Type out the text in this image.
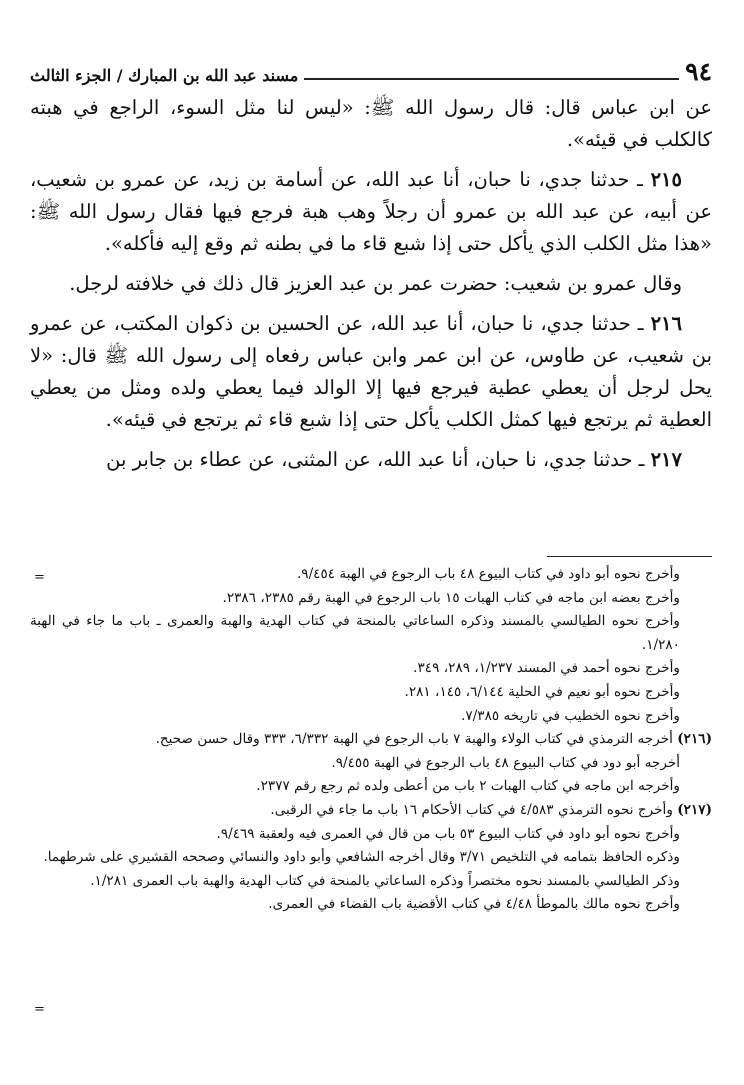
٩٤
مسند عبد الله بن المبارك / الجزء الثالث

عن ابن عباس قال: قال رسول الله ﷺ: «ليس لنا مثل السوء، الراجع في هبته كالكلب في قيئه».

٢١٥ ـ حدثنا جدي، نا حبان، أنا عبد الله، عن أسامة بن زيد، عن عمرو بن شعيب، عن أبيه، عن عبد الله بن عمرو أن رجلاً وهب هبة فرجع فيها فقال رسول الله ﷺ: «هذا مثل الكلب الذي يأكل حتى إذا شبع قاء ما في بطنه ثم وقع إليه فأكله».

وقال عمرو بن شعيب: حضرت عمر بن عبد العزيز قال ذلك في خلافته لرجل.

٢١٦ ـ حدثنا جدي، نا حبان، أنا عبد الله، عن الحسين بن ذكوان المكتب، عن عمرو بن شعيب، عن طاوس، عن ابن عمر وابن عباس رفعاه إلى رسول الله ﷺ قال: «لا يحل لرجل أن يعطي عطية فيرجع فيها إلا الوالد فيما يعطي ولده ومثل من يعطي العطية ثم يرتجع فيها كمثل الكلب يأكل حتى إذا شبع قاء ثم يرتجع في قيئه».

٢١٧ ـ حدثنا جدي، نا حبان، أنا عبد الله، عن المثنى، عن عطاء بن جابر بن

=
=

وأخرج نحوه أبو داود في كتاب البيوع ٤٨ باب الرجوع في الهبة ٩/٤٥٤.

وأخرج بعضه ابن ماجه في كتاب الهبات ١٥ باب الرجوع في الهبة رقم ٢٣٨٥، ٢٣٨٦.

وأخرج نحوه الطيالسي بالمسند وذكره الساعاتي بالمنحة في كتاب الهدية والهبة والعمرى ـ باب ما جاء في الهبة ١/٢٨٠.

وأخرج نحوه أحمد في المسند ١/٢٣٧، ٢٨٩، ٣٤٩.

وأخرج نحوه أبو نعيم في الحلية ٦/١٤٤، ١٤٥، ٢٨١.

وأخرج نحوه الخطيب في تاريخه ٧/٣٨٥.

(٢١٦) أخرجه الترمذي في كتاب الولاء والهبة ٧ باب الرجوع في الهبة ٦/٣٣٢، ٣٣٣ وقال حسن صحيح.

أخرجه أبو دود في كتاب البيوع ٤٨ باب الرجوع في الهبة ٩/٤٥٥.

وأخرجه ابن ماجه في كتاب الهبات ٢ باب من أعطى ولده ثم رجع رقم ٢٣٧٧.

(٢١٧) وأخرج نحوه الترمذي ٤/٥٨٣ في كتاب الأحكام ١٦ باب ما جاء في الرقبى.

وأخرج نحوه أبو داود في كتاب البيوع ٥٣ باب من قال في العمرى فيه ولعقبة ٩/٤٦٩.

وذكره الحافظ بتمامه في التلخيص ٣/٧١ وقال أخرجه الشافعي وأبو داود والنسائي وصححه القشيري على شرطهما.

وذكر الطيالسي بالمسند نحوه مختصراً وذكره الساعاتي بالمنحة في كتاب الهدية والهبة باب العمرى ١/٢٨١.

وأخرج نحوه مالك بالموطأ ٤/٤٨ في كتاب الأقضية باب القضاء في العمرى.
